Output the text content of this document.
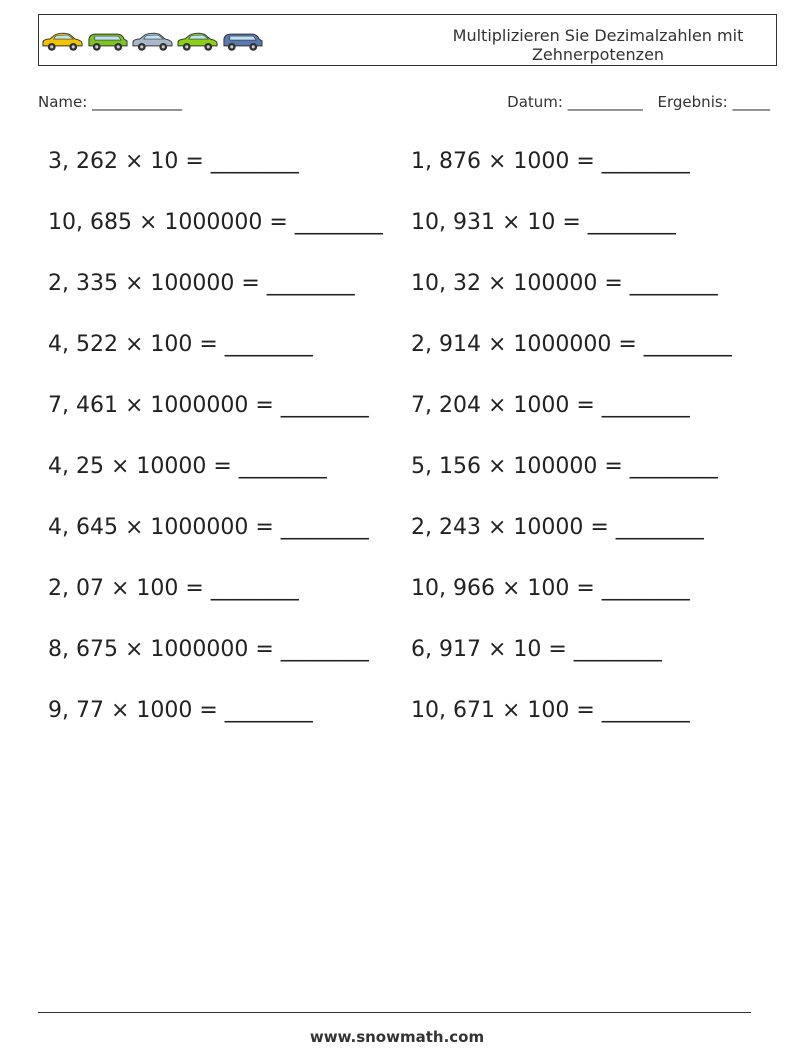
Multiplizieren Sie Dezimalzahlen mit Zehnerpotenzen
Name: ____________	Datum: __________ Ergebnis: _____
3, 262 × 10 = ________	1, 876 × 1000 = ________
10, 685 × 1000000 = ________ 10, 931 × 10 = ________
2, 335 × 100000 = ________	10, 32 × 100000 = ________
4, 522 × 100 = ________	2, 914 × 1000000 = ________
7, 461 × 1000000 = ________ 7, 204 × 1000 = ________
4, 25 × 10000 = ________	5, 156 × 100000 = ________
4, 645 × 1000000 = ________ 2, 243 × 10000 = ________
2, 07 × 100 = ________	10, 966 × 100 = ________
8, 675 × 1000000 = ________ 6, 917 × 10 = ________
9, 77 × 1000 = ________	10, 671 × 100 = ________
www.snowmath.com
